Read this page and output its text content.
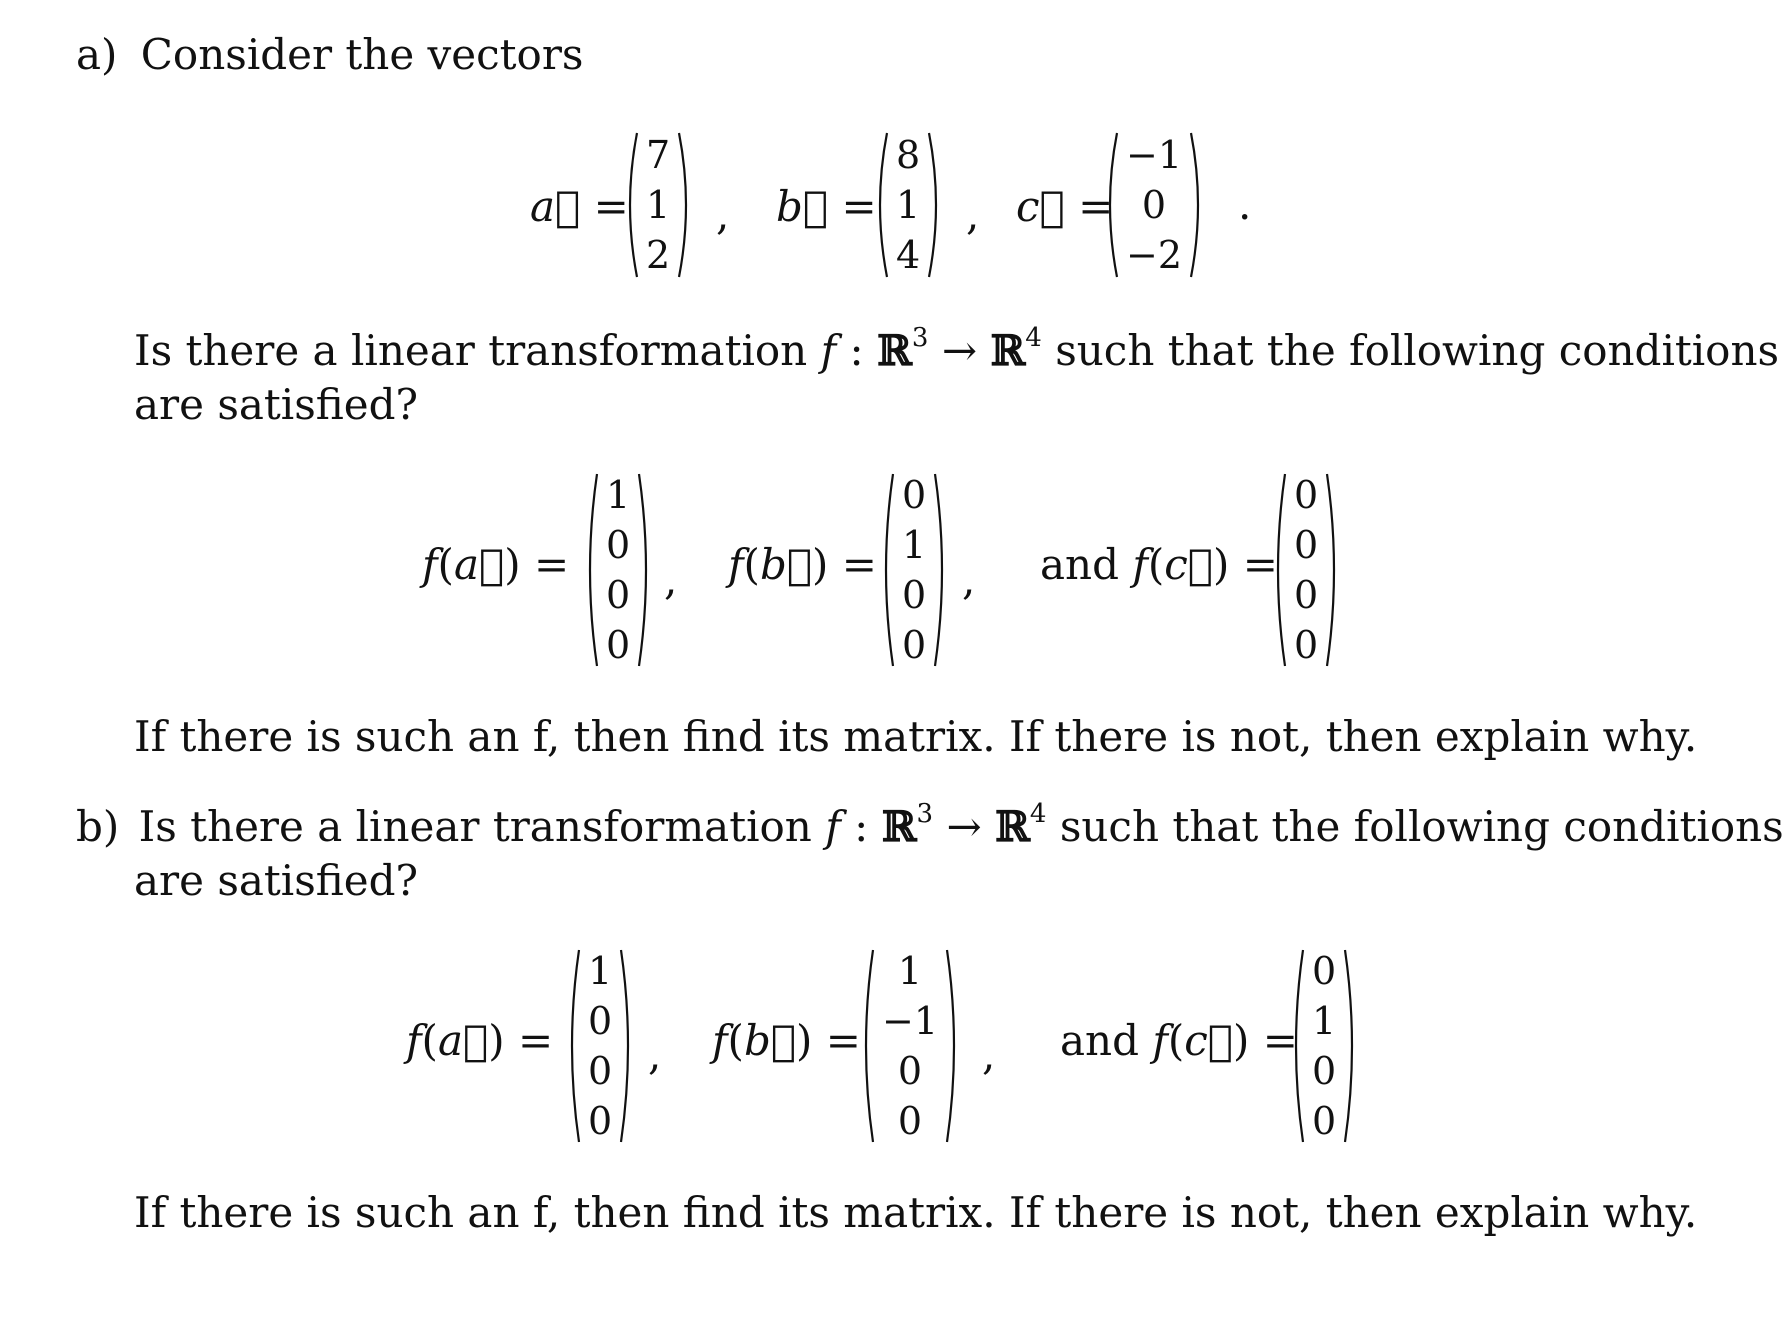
a) Consider the vectors
a⃗ =
7
1
2
, b⃗ =
8
1
4
, c⃗ =
−1
0
−2
.
Is there a linear transformation f : ℝ$^3$ → ℝ$^4$ such that the following conditions
are satisfied?
f(a⃗) =
1
0
0
0
, f(b⃗) =
0
1
0
0
, and f(c⃗) =
0
0
0
0
If there is such an f, then find its matrix. If there is not, then explain why.
b) Is there a linear transformation f : ℝ$^3$ → ℝ$^4$ such that the following conditions
are satisfied?
f(a⃗) =
1
0
0
0
, f(b⃗) =
1
−1
0
0
, and f(c⃗) =
0
1
0
0
If there is such an f, then find its matrix. If there is not, then explain why.
